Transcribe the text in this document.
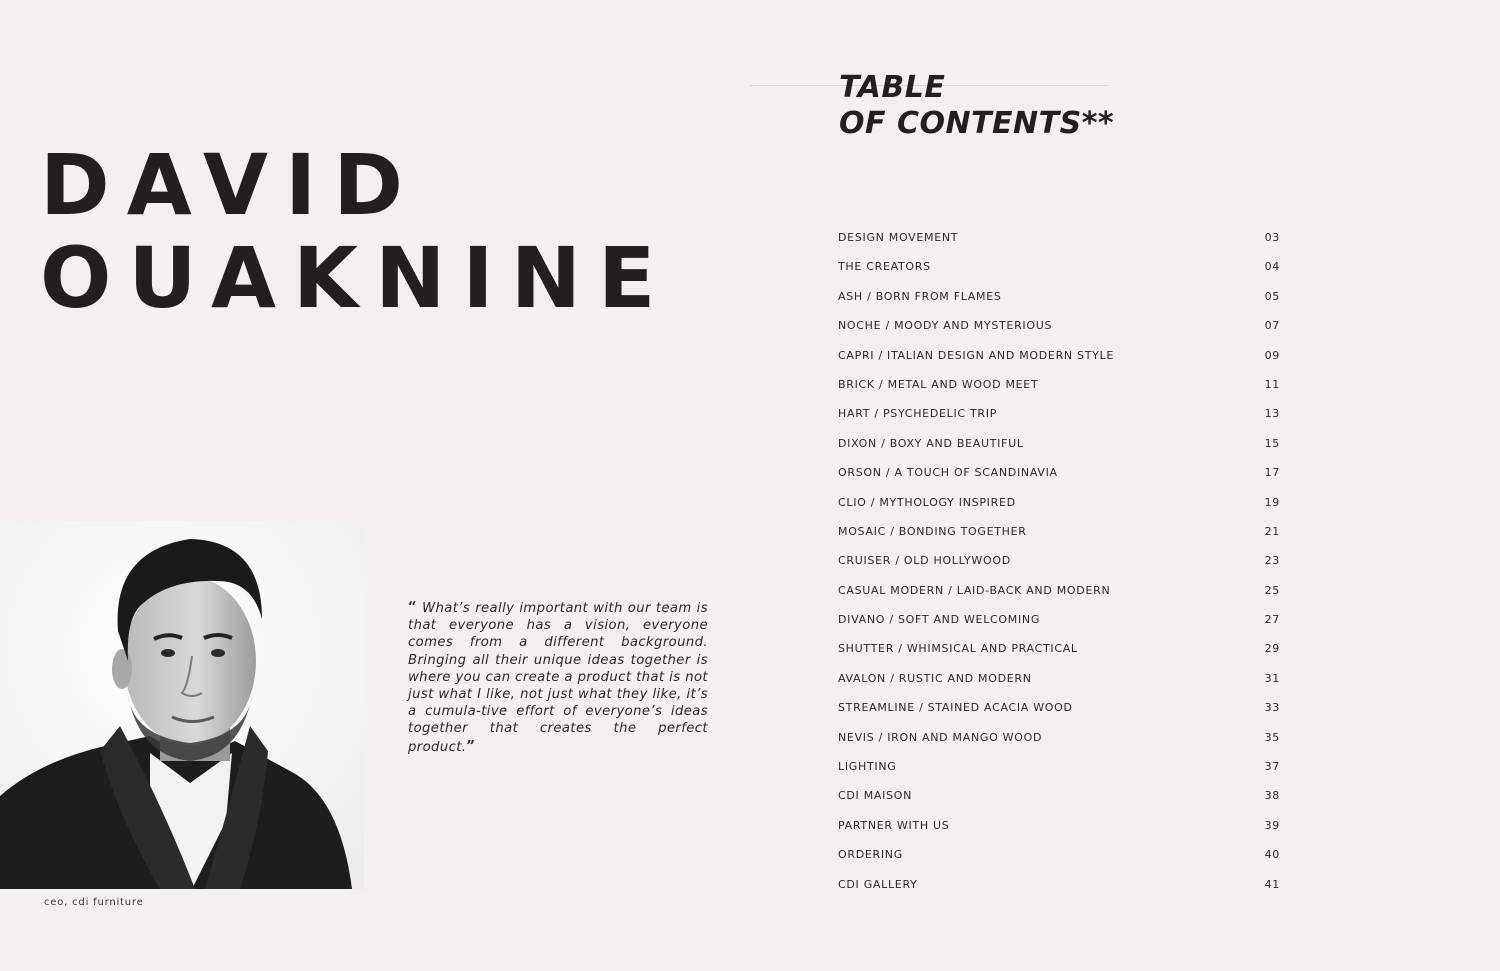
DAVID
OUAKNINE

ceo, cdi furniture

“ What’s really important with our team is that everyone has a vision, everyone comes from a different background. Bringing all their unique ideas together is where you can create a product that is not just what I like, not just what they like, it’s a cumula-tive effort of everyone’s ideas together that creates the perfect product.”

TABLE
OF CONTENTS**
DESIGN MOVEMENT	03
THE CREATORS	04
ASH/ BORN FROM FLAMES	05
NOCHE/ MOODY AND MYSTERIOUS	07
CAPRI/ ITALIAN DESIGN AND MODERN STYLE	09
BRICK/ METAL AND WOOD MEET	11
HART/ PSYCHEDELIC TRIP	13
DIXON/ BOXY AND BEAUTIFUL	15
ORSON/ A TOUCH OF SCANDINAVIA	17
CLIO/ MYTHOLOGY INSPIRED	19
MOSAIC/ BONDING TOGETHER	21
CRUISER/ OLD HOLLYWOOD	23
CASUAL MODERN/ LAID-BACK AND MODERN	25
DIVANO/ SOFT AND WELCOMING	27
SHUTTER/ WHIMSICAL AND PRACTICAL	29
AVALON/ RUSTIC AND MODERN	31
STREAMLINE/ STAINED ACACIA WOOD	33
NEVIS/ IRON AND MANGO WOOD	35
LIGHTING	37
CDI MAISON	38
PARTNER WITH US	39
ORDERING	40
CDI GALLERY	41
